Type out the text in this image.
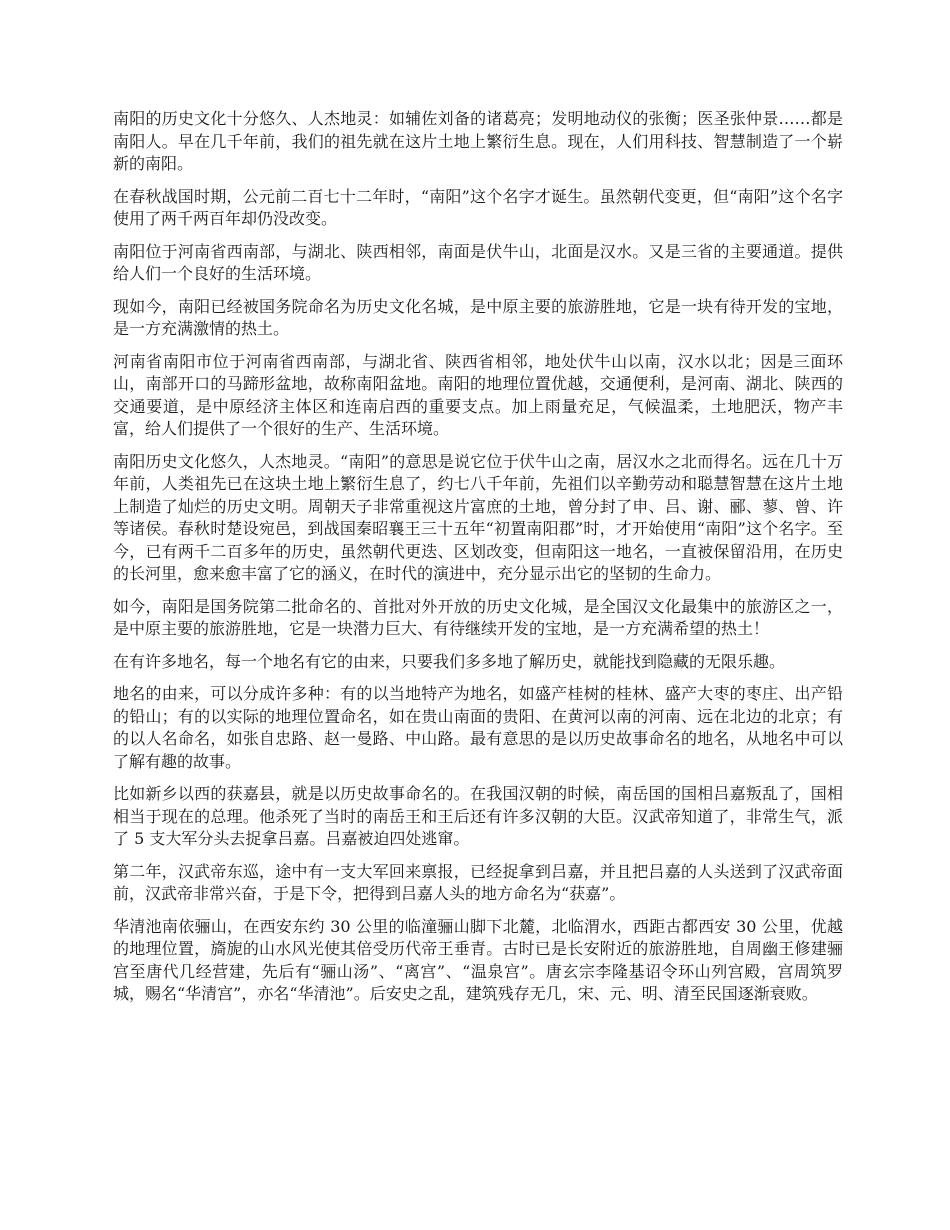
南阳的历史文化十分悠久、人杰地灵：如辅佐刘备的诸葛亮；发明地动仪的张衡；医圣张仲景……都是南阳人。早在几千年前，我们的祖先就在这片土地上繁衍生息。现在，人们用科技、智慧制造了一个崭新的南阳。

在春秋战国时期，公元前二百七十二年时，“南阳”这个名字才诞生。虽然朝代变更，但“南阳”这个名字使用了两千两百年却仍没改变。

南阳位于河南省西南部，与湖北、陕西相邻，南面是伏牛山，北面是汉水。又是三省的主要通道。提供给人们一个良好的生活环境。

现如今，南阳已经被国务院命名为历史文化名城，是中原主要的旅游胜地，它是一块有待开发的宝地，是一方充满激情的热土。

河南省南阳市位于河南省西南部，与湖北省、陕西省相邻，地处伏牛山以南，汉水以北；因是三面环山，南部开口的马蹄形盆地，故称南阳盆地。南阳的地理位置优越，交通便利，是河南、湖北、陕西的交通要道，是中原经济主体区和连南启西的重要支点。加上雨量充足，气候温柔，土地肥沃，物产丰富，给人们提供了一个很好的生产、生活环境。

南阳历史文化悠久，人杰地灵。“南阳”的意思是说它位于伏牛山之南，居汉水之北而得名。远在几十万年前，人类祖先已在这块土地上繁衍生息了，约七八千年前，先祖们以辛勤劳动和聪慧智慧在这片土地上制造了灿烂的历史文明。周朝天子非常重视这片富庶的土地，曾分封了申、吕、谢、郦、蓼、曾、许等诸侯。春秋时楚设宛邑，到战国秦昭襄王三十五年“初置南阳郡”时，才开始使用“南阳”这个名字。至今，已有两千二百多年的历史，虽然朝代更迭、区划改变，但南阳这一地名，一直被保留沿用，在历史的长河里，愈来愈丰富了它的涵义，在时代的演进中，充分显示出它的坚韧的生命力。

如今，南阳是国务院第二批命名的、首批对外开放的历史文化城，是全国汉文化最集中的旅游区之一，是中原主要的旅游胜地，它是一块潜力巨大、有待继续开发的宝地，是一方充满希望的热土！

在有许多地名，每一个地名有它的由来，只要我们多多地了解历史，就能找到隐藏的无限乐趣。

地名的由来，可以分成许多种：有的以当地特产为地名，如盛产桂树的桂林、盛产大枣的枣庄、出产铅的铅山；有的以实际的地理位置命名，如在贵山南面的贵阳、在黄河以南的河南、远在北边的北京；有的以人名命名，如张自忠路、赵一曼路、中山路。最有意思的是以历史故事命名的地名，从地名中可以了解有趣的故事。

比如新乡以西的获嘉县，就是以历史故事命名的。在我国汉朝的时候，南岳国的国相吕嘉叛乱了，国相相当于现在的总理。他杀死了当时的南岳王和王后还有许多汉朝的大臣。汉武帝知道了，非常生气，派了 5 支大军分头去捉拿吕嘉。吕嘉被迫四处逃窜。

第二年，汉武帝东巡，途中有一支大军回来禀报，已经捉拿到吕嘉，并且把吕嘉的人头送到了汉武帝面前，汉武帝非常兴奋，于是下令，把得到吕嘉人头的地方命名为“获嘉”。

华清池南依骊山，在西安东约 30 公里的临潼骊山脚下北麓，北临渭水，西距古都西安 30 公里，优越的地理位置，旖旎的山水风光使其倍受历代帝王垂青。古时已是长安附近的旅游胜地，自周幽王修建骊宫至唐代几经营建，先后有“骊山汤”、“离宫”、“温泉宫”。唐玄宗李隆基诏令环山列宫殿，宫周筑罗城，赐名“华清宫”，亦名“华清池”。后安史之乱，建筑残存无几，宋、元、明、清至民国逐渐衰败。
